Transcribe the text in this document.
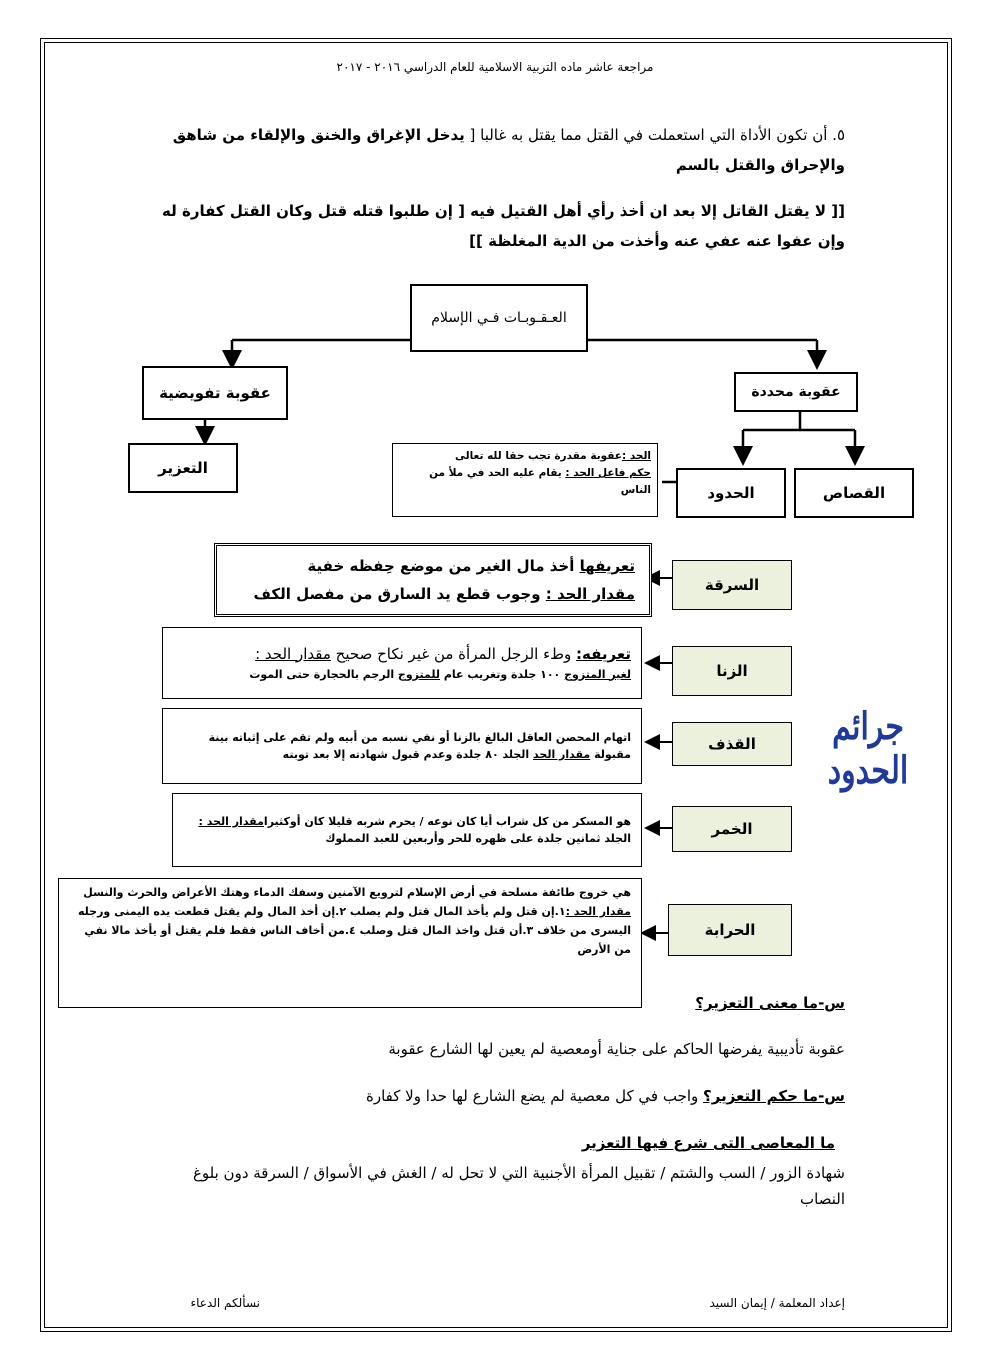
مراجعة عاشر ماده التربية الاسلامية للعام الدراسي ٢٠١٦ - ٢٠١٧
٥. أن تكون الأداة التي استعملت في القتل مما يقتل به غالبا [ يدخل الإغراق والخنق والإلقاء من شاهق والإحراق والقتل بالسم
[[ لا يقتل القاتل إلا بعد ان أخذ رأي أهل القتيل فيه [ إن طلبوا قتله قتل وكان القتل كفارة له وإن عفوا عنه عفي عنه وأخذت من الدية المغلظة ]]
العـقـوبـات فـي الإسلام
عقوبة تفويضية	عقوبة محددة
التعزير
الحدود	القصاص
الحد :عقوبة مقدرة تجب حقا لله تعالى
حكم فاعل الحد : يقام عليه الحد في ملأ من الناس
جرائم الحدود
السرقة
تعريفها أخذ مال الغير من موضع حِفظه خفية
مقدار الحد : وجوب قطع يد السارق من مفصل الكف
الزنا
تعريفه: وطء الرجل المرأة من غير نكاح صحيح مقدار الحد :
لغير المتزوج ١٠٠ جلدة وتغريب عام للمتزوج الرجم بالحجارة حتى الموت
القذف
اتهام المحصن العاقل البالغ بالزنا أو نفي نسبه من أبيه ولم تقم على إثباته بينة مقبولة مقدار الحد الجلد ٨٠ جلدة وعدم قبول شهادته إلا بعد توبته
الخمر
هو المسكر من كل شراب أيا كان نوعه / يحرم شربه قليلا كان أوكثيرامقدار الحد : الجلد ثمانين جلدة على ظهره للحر وأربعين للعبد المملوك
الحرابة
هي خروج طائفة مسلحة في أرض الإسلام لترويع الآمنين وسفك الدماء وهتك الأعراض والحرث والنسل مقدار الحد :١.إن قتل ولم يأخذ المال قتل ولم يصلب ٢.إن أخذ المال ولم يقتل قطعت يده اليمنى ورجله اليسرى من خلاف ٣.أن قتل واخذ المال قتل وصلب ٤.من أخاف الناس فقط فلم يقتل أو يأخذ مالا نفي من الأرض
س-ما معنى التعزير؟
عقوبة تأديبية يفرضها الحاكم على جناية أومعصية لم يعين لها الشارع عقوبة
س-ما حكم التعزير؟ واجب في كل معصية لم يضع الشارع لها حدا ولا كفارة
ما المعاصى التى شرع فيها التعزير
شهادة الزور / السب والشتم / تقبيل المرأة الأجنبية التي لا تحل له / الغش في الأسواق / السرقة دون بلوغ النصاب
إعداد المعلمة / إيمان السيد
نسألكم الدعاء
